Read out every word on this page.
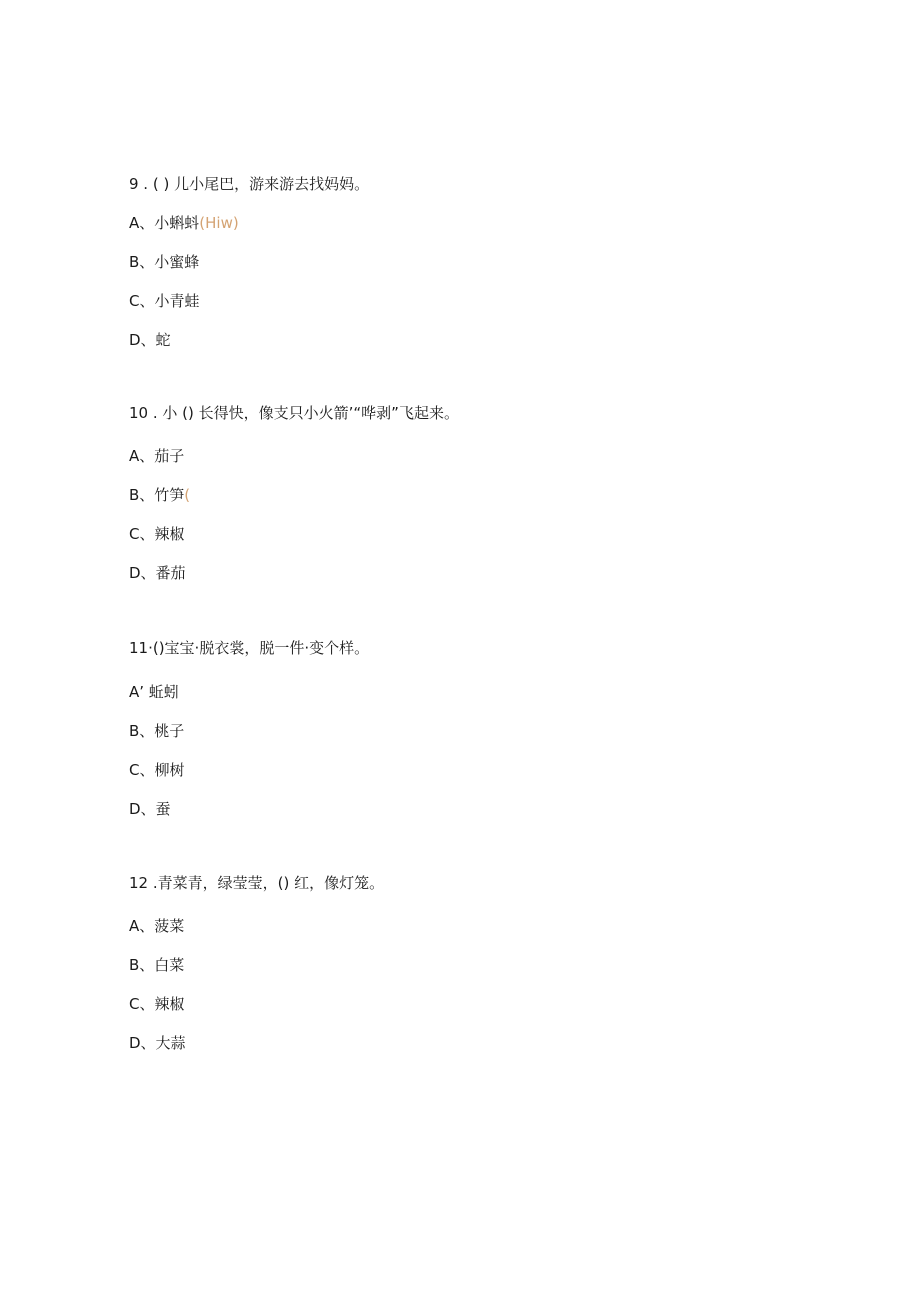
9 . ( ) 儿小尾巴，游来游去找妈妈。
A、小蝌蚪(Hiw)
B、小蜜蜂
C、小青蛙
D、蛇
10 . 小 () 长得快，像支只小火箭’“哗剥”飞起来。
A、茄子
B、竹笋(
C、辣椒
D、番茄
11·()宝宝·脱衣裳，脱一件·变个样。
A’ 蚯蚓
B、桃子
C、柳树
D、蚕
12 .青菜青，绿莹莹，() 红，像灯笼。
A、菠菜
B、白菜
C、辣椒
D、大蒜
